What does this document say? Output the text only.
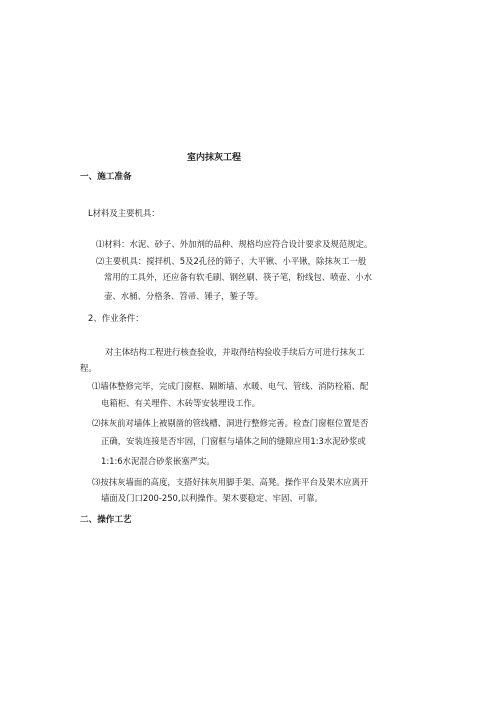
室内抹灰工程
一、施工准备
L材料及主要机具：
⑴材料：水泥、砂子、外加剂的品种、规格均应符合设计要求及规范规定。
⑵主要机具：搅拌机、5及2孔径的筛子、大平锹、小平锹，除抹灰工一般
常用的工具外，还应备有软毛刷、钢丝刷、筷子笔，粉线包、喷壶、小水
壶、水桶、分格条、笤帚、锤子，錾子等。
2、作业条件：
对主体结构工程进行核查验收，并取得结构验收手续后方可进行抹灰工
程。
⑴墙体整修完毕，完成门窗框、隔断墙、水暖、电气、管线、消防栓箱、配
电箱柜、有关埋件、木砖等安装埋设工作。
⑵抹灰前对墙体上被剔凿的管线槽、洞进行整修完善。检查门窗框位置是否
正确，安装连接是否牢固，门窗框与墙体之间的缝隙应用1:3水泥砂浆或
1:1:6水泥混合砂浆嵌塞严实。
⑶按抹灰墙面的高度，支搭好抹灰用脚手架、高凳。操作平台及架木应离开
墙面及门口200-250,以利操作。架木要稳定、牢固、可靠。
二、操作工艺
